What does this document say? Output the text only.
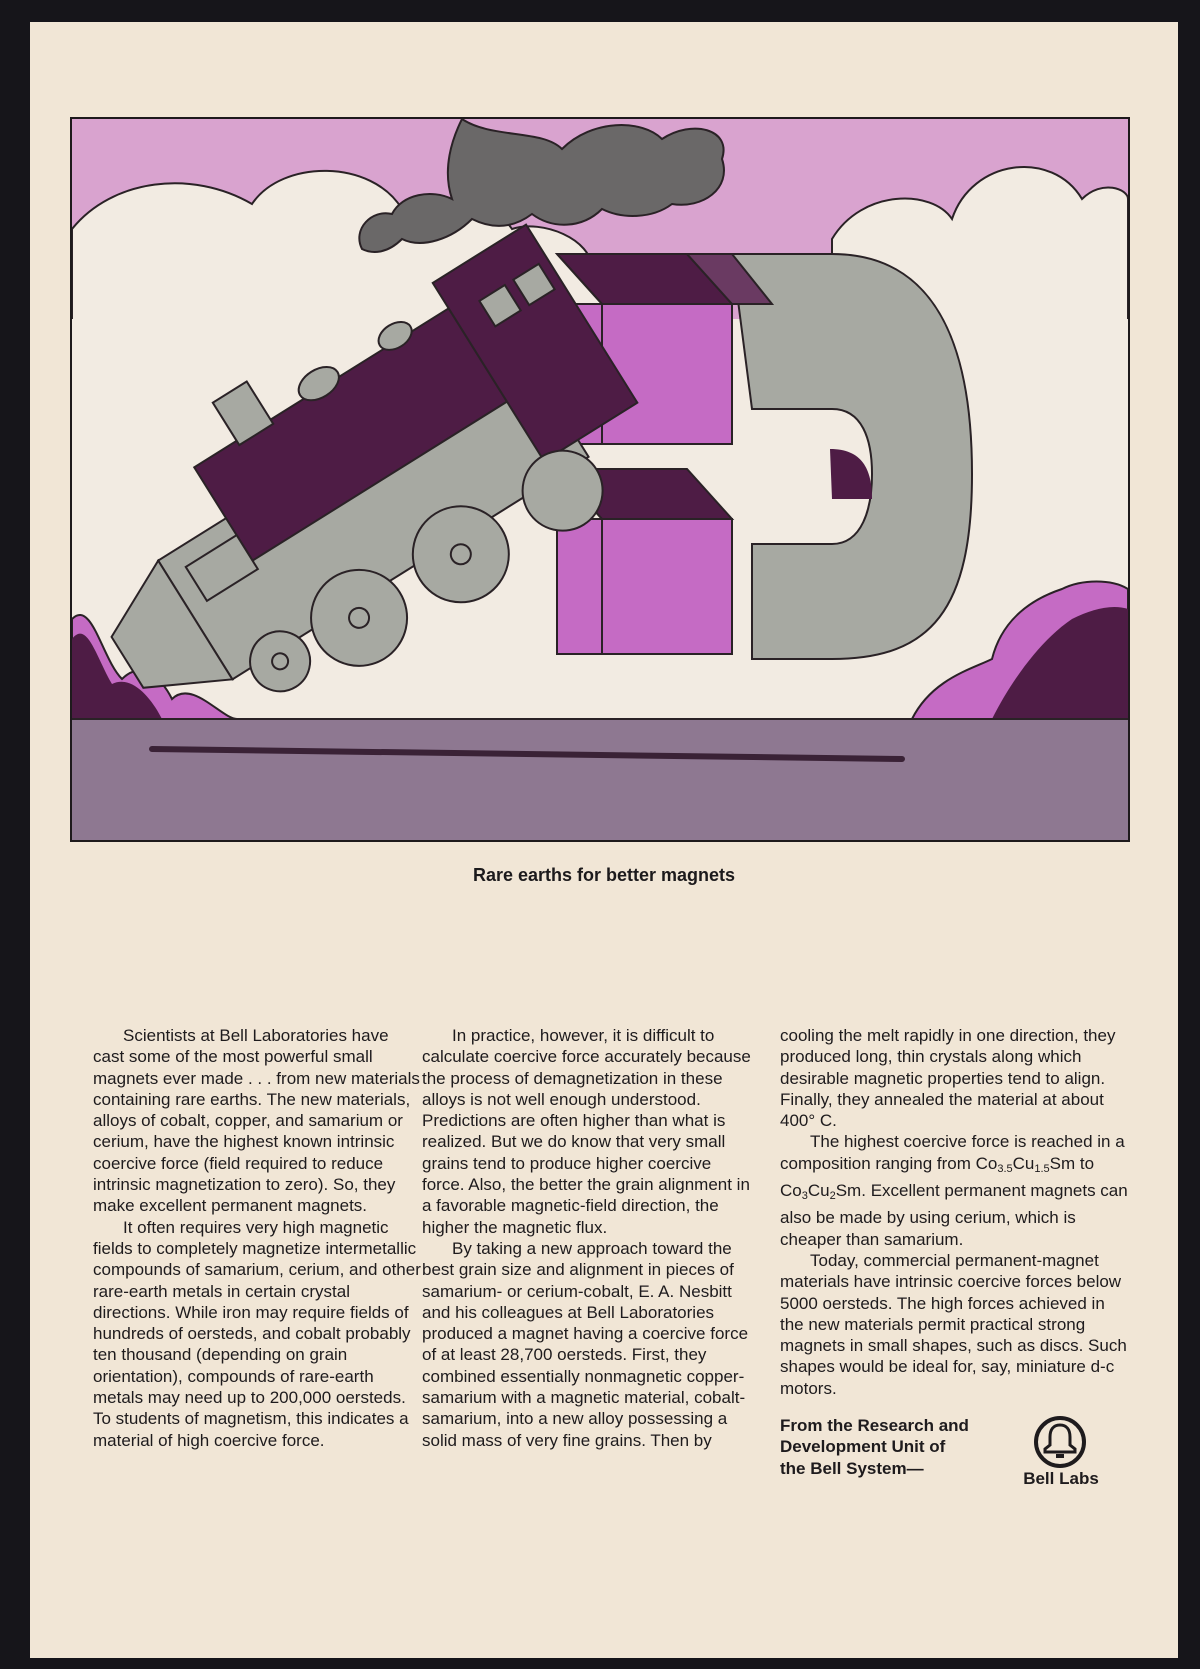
Rare earths for better magnets

Scientists at Bell Laboratories have cast some of the most powerful small magnets ever made . . . from new materials containing rare earths. The new materials, alloys of cobalt, copper, and samarium or cerium, have the highest known intrinsic coercive force (field required to reduce intrinsic magnetization to zero). So, they make excellent permanent magnets.

It often requires very high magnetic fields to completely magnetize intermetallic compounds of samarium, cerium, and other rare-earth metals in certain crystal directions. While iron may require fields of hundreds of oersteds, and cobalt probably ten thousand (depending on grain orientation), compounds of rare-earth metals may need up to 200,000 oersteds. To students of magnetism, this indicates a material of high coercive force.

In practice, however, it is difficult to calculate coercive force accurately because the process of demagnetization in these alloys is not well enough understood. Predictions are often higher than what is realized. But we do know that very small grains tend to produce higher coercive force. Also, the better the grain alignment in a favorable magnetic-field direction, the higher the magnetic flux.

By taking a new approach toward the best grain size and alignment in pieces of samarium- or cerium-cobalt, E. A. Nesbitt and his colleagues at Bell Laboratories produced a magnet having a coercive force of at least 28,700 oersteds. First, they combined essentially nonmagnetic copper-samarium with a magnetic material, cobalt-samarium, into a new alloy possessing a solid mass of very fine grains. Then by

cooling the melt rapidly in one direction, they produced long, thin crystals along which desirable magnetic properties tend to align. Finally, they annealed the material at about 400° C.

The highest coercive force is reached in a composition ranging from $Co_{3.5}Cu_{1.5}Sm$ to $Co_3Cu_2Sm$. Excellent permanent magnets can also be made by using cerium, which is cheaper than samarium.

Today, commercial permanent-magnet materials have intrinsic coercive forces below 5000 oersteds. The high forces achieved in the new materials permit practical strong magnets in small shapes, such as discs. Such shapes would be ideal for, say, miniature d-c motors.

From the Research and
Development Unit of
the Bell System—
Bell Labs
